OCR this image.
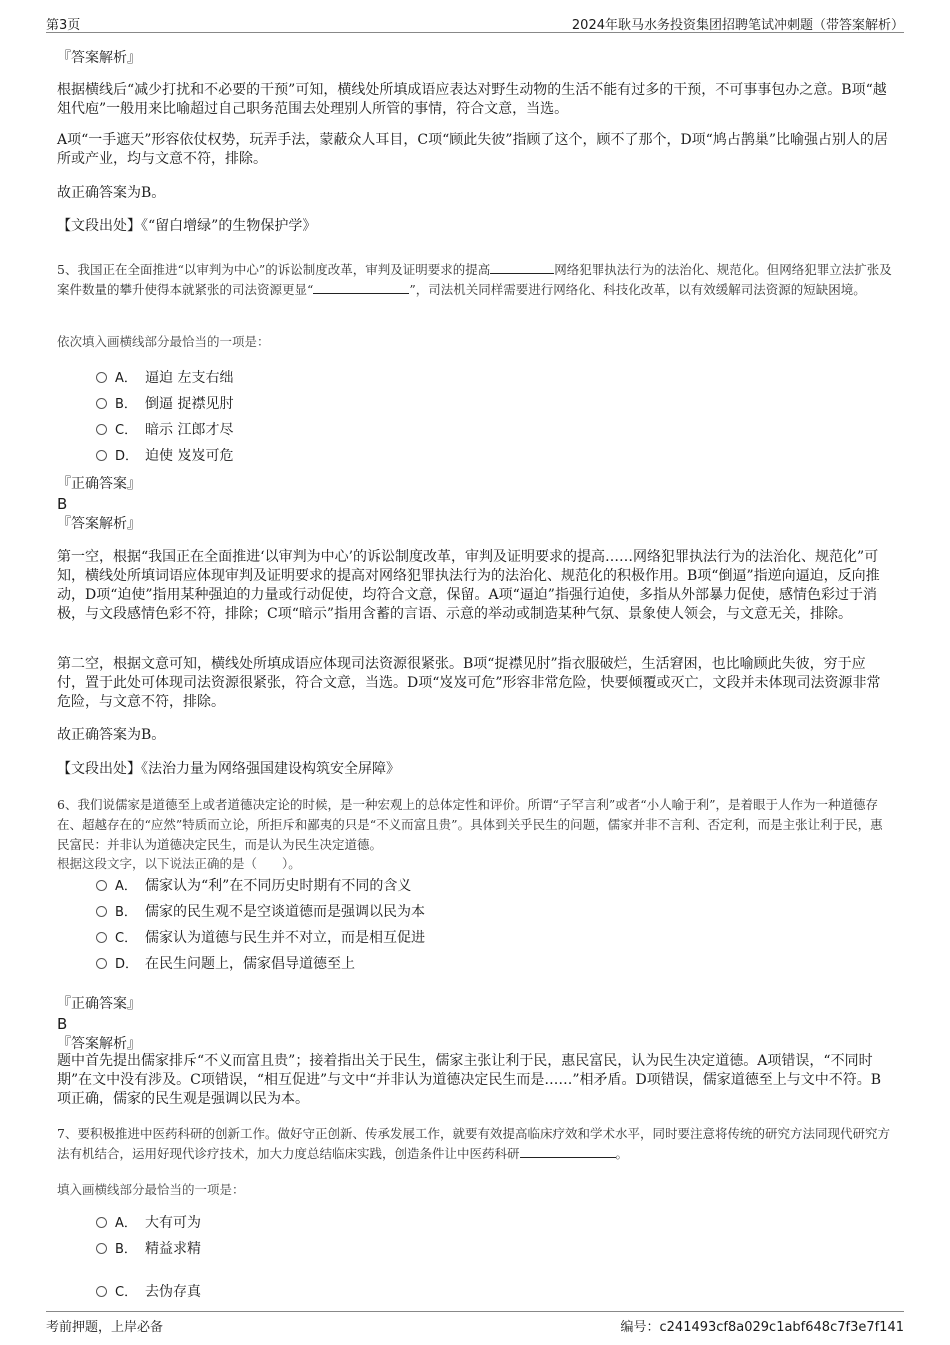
第3页	2024年耿马水务投资集团招聘笔试冲刺题（带答案解析）

『答案解析』

根据横线后“减少打扰和不必要的干预”可知，横线处所填成语应表达对野生动物的生活不能有过多的干预，不可事事包办之意。B项“越俎代庖”一般用来比喻超过自己职务范围去处理别人所管的事情，符合文意，当选。

A项“一手遮天”形容依仗权势，玩弄手法，蒙蔽众人耳目，C项“顾此失彼”指顾了这个，顾不了那个，D项“鸠占鹊巢”比喻强占别人的居所或产业，均与文意不符，排除。

故正确答案为B。

【文段出处】《“留白增绿”的生物保护学》

5、我国正在全面推进“以审判为中心”的诉讼制度改革，审判及证明要求的提高	网络犯罪执法行为的法治化、规范化。但网络犯罪立法扩张及案件数量的攀升使得本就紧张的司法资源更显“	”，司法机关同样需要进行网络化、科技化改革，以有效缓解司法资源的短缺困境。

依次填入画横线部分最恰当的一项是：

A． 逼迫 左支右绌
B． 倒逼 捉襟见肘
C． 暗示 江郎才尽
D． 迫使 岌岌可危

『正确答案』

B

『答案解析』

第一空，根据“我国正在全面推进‘以审判为中心’的诉讼制度改革，审判及证明要求的提高……网络犯罪执法行为的法治化、规范化”可知，横线处所填词语应体现审判及证明要求的提高对网络犯罪执法行为的法治化、规范化的积极作用。B项“倒逼”指逆向逼迫，反向推动，D项“迫使”指用某种强迫的力量或行动促使，均符合文意，保留。A项“逼迫”指强行迫使，多指从外部暴力促使，感情色彩过于消极，与文段感情色彩不符，排除；C项“暗示”指用含蓄的言语、示意的举动或制造某种气氛、景象使人领会，与文意无关，排除。

第二空，根据文意可知，横线处所填成语应体现司法资源很紧张。B项“捉襟见肘”指衣服破烂，生活窘困，也比喻顾此失彼，穷于应付，置于此处可体现司法资源很紧张，符合文意，当选。D项“岌岌可危”形容非常危险，快要倾覆或灭亡，文段并未体现司法资源非常危险，与文意不符，排除。

故正确答案为B。

【文段出处】《法治力量为网络强国建设构筑安全屏障》

6、我们说儒家是道德至上或者道德决定论的时候，是一种宏观上的总体定性和评价。所谓“子罕言利”或者“小人喻于利”，是着眼于人作为一种道德存在、超越存在的“应然”特质而立论，所拒斥和鄙夷的只是“不义而富且贵”。具体到关乎民生的问题，儒家并非不言利、否定利，而是主张让利于民，惠民富民：并非认为道德决定民生，而是认为民生决定道德。

根据这段文字，以下说法正确的是（　　）。

A． 儒家认为“利”在不同历史时期有不同的含义
B． 儒家的民生观不是空谈道德而是强调以民为本
C． 儒家认为道德与民生并不对立，而是相互促进
D． 在民生问题上，儒家倡导道德至上

『正确答案』

B

『答案解析』

题中首先提出儒家排斥“不义而富且贵”；接着指出关于民生，儒家主张让利于民，惠民富民，认为民生决定道德。A项错误，“不同时期”在文中没有涉及。C项错误，“相互促进”与文中“并非认为道德决定民生而是……”相矛盾。D项错误，儒家道德至上与文中不符。B项正确，儒家的民生观是强调以民为本。

7、要积极推进中医药科研的创新工作。做好守正创新、传承发展工作，就要有效提高临床疗效和学术水平，同时要注意将传统的研究方法同现代研究方法有机结合，运用好现代诊疗技术，加大力度总结临床实践，创造条件让中医药科研	。

填入画横线部分最恰当的一项是：

A． 大有可为
B． 精益求精
C． 去伪存真
考前押题，上岸必备	编号：c241493cf8a029c1abf648c7f3e7f141
